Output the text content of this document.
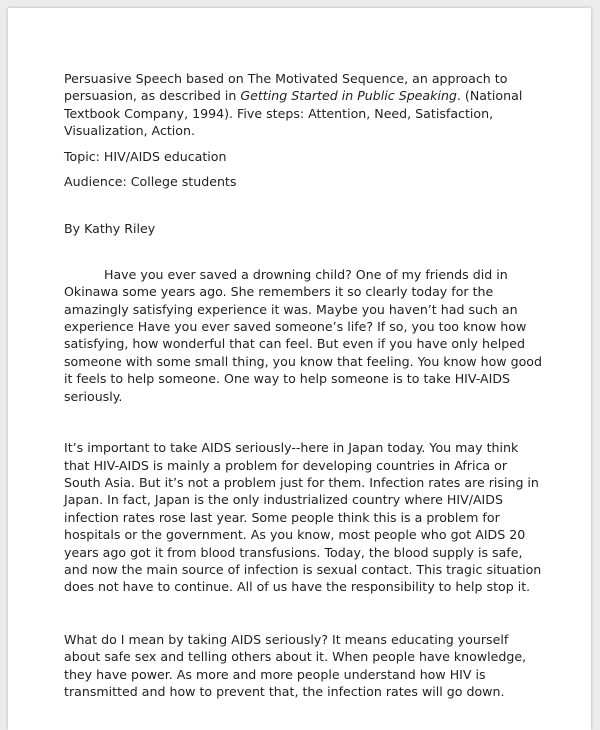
Persuasive Speech based on The Motivated Sequence, an approach to persuasion, as described in Getting Started in Public Speaking. (National Textbook Company, 1994). Five steps: Attention, Need, Satisfaction, Visualization, Action.

Topic: HIV/AIDS education

Audience: College students

By Kathy Riley

Have you ever saved a drowning child? One of my friends did in Okinawa some years ago. She remembers it so clearly today for the amazingly satisfying experience it was. Maybe you haven’t had such an experience Have you ever saved someone’s life? If so, you too know how satisfying, how wonderful that can feel. But even if you have only helped someone with some small thing, you know that feeling. You know how good it feels to help someone. One way to help someone is to take HIV-AIDS seriously.

It’s important to take AIDS seriously--here in Japan today. You may think that HIV-AIDS is mainly a problem for developing countries in Africa or South Asia. But it’s not a problem just for them. Infection rates are rising in Japan. In fact, Japan is the only industrialized country where HIV/AIDS infection rates rose last year. Some people think this is a problem for hospitals or the government. As you know, most people who got AIDS 20 years ago got it from blood transfusions. Today, the blood supply is safe, and now the main source of infection is sexual contact. This tragic situation does not have to continue. All of us have the responsibility to help stop it.

What do I mean by taking AIDS seriously? It means educating yourself about safe sex and telling others about it. When people have knowledge, they have power. As more and more people understand how HIV is transmitted and how to prevent that, the infection rates will go down.
